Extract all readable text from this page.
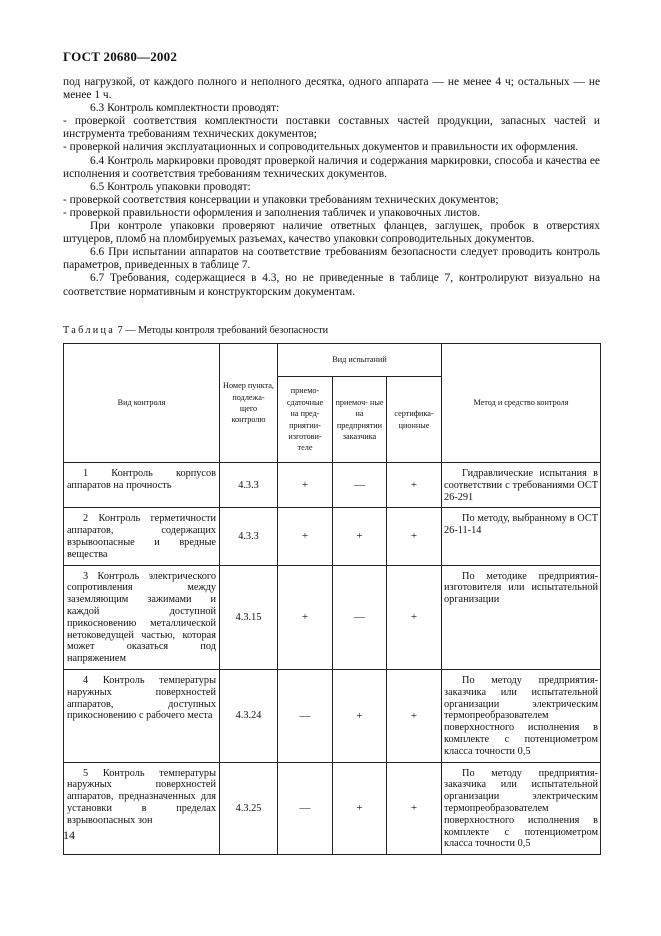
ГОСТ 20680—2002

под нагрузкой, от каждого полного и неполного десятка, одного аппарата — не менее 4 ч; остальных — не менее 1 ч.

6.3 Контроль комплектности проводят:

- проверкой соответствия комплектности поставки составных частей продукции, запасных частей и инструмента требованиям технических документов;

- проверкой наличия эксплуатационных и сопроводительных документов и правильности их оформления.

6.4 Контроль маркировки проводят проверкой наличия и содержания маркировки, способа и качества ее исполнения и соответствия требованиям технических документов.

6.5 Контроль упаковки проводят:

- проверкой соответствия консервации и упаковки требованиям технических документов;

- проверкой правильности оформления и заполнения табличек и упаковочных листов.

При контроле упаковки проверяют наличие ответных фланцев, заглушек, пробок в отверстиях штуцеров, пломб на пломбируемых разъемах, качество упаковки сопроводительных документов.

6.6 При испытании аппаратов на соответствие требованиям безопасности следует проводить контроль параметров, приведенных в таблице 7.

6.7 Требования, содержащиеся в 4.3, но не приведенные в таблице 7, контролируют визуально на соответствие нормативным и конструкторским документам.

Таблица 7 — Методы контроля требований безопасности
Вид контроля	Номер пункта, подлежа- щего контролю	Вид испытаний			Метод и средство контроля
		приемо- сдаточные на пред- приятии- изготови- теле	приемоч- ные на предприятии заказчика	сертифика- ционные	
1 Контроль корпусов аппаратов на прочность	4.3.3	+	—	+	Гидравлические испытания в соответствии с требованиями ОСТ 26-291
2 Контроль герметичности аппаратов, содержащих взрывоопасные и вредные вещества	4.3.3	+	+	+	По методу, выбранному в ОСТ 26-11-14
3 Контроль электрического сопротивления между заземляющим зажимами и каждой доступной прикосновению металлической нетоковедущей частью, которая может оказаться под напряжением	4.3.15	+	—	+	По методике предприятия-изготовителя или испытательной организации
4 Контроль температуры наружных поверхностей аппаратов, доступных прикосновению с рабочего места	4.3.24	—	+	+	По методу предприятия-заказчика или испытательной организации электрическим термопреобразователем поверхностного исполнения в комплекте с потенциометром класса точности 0,5
5 Контроль температуры наружных поверхностей аппаратов, предназначенных для установки в пределах взрывоопасных зон	4.3.25	—	+	+	По методу предприятия-заказчика или испытательной организации электрическим термопреобразователем поверхностного исполнения в комплекте с потенциометром класса точности 0,5
14
